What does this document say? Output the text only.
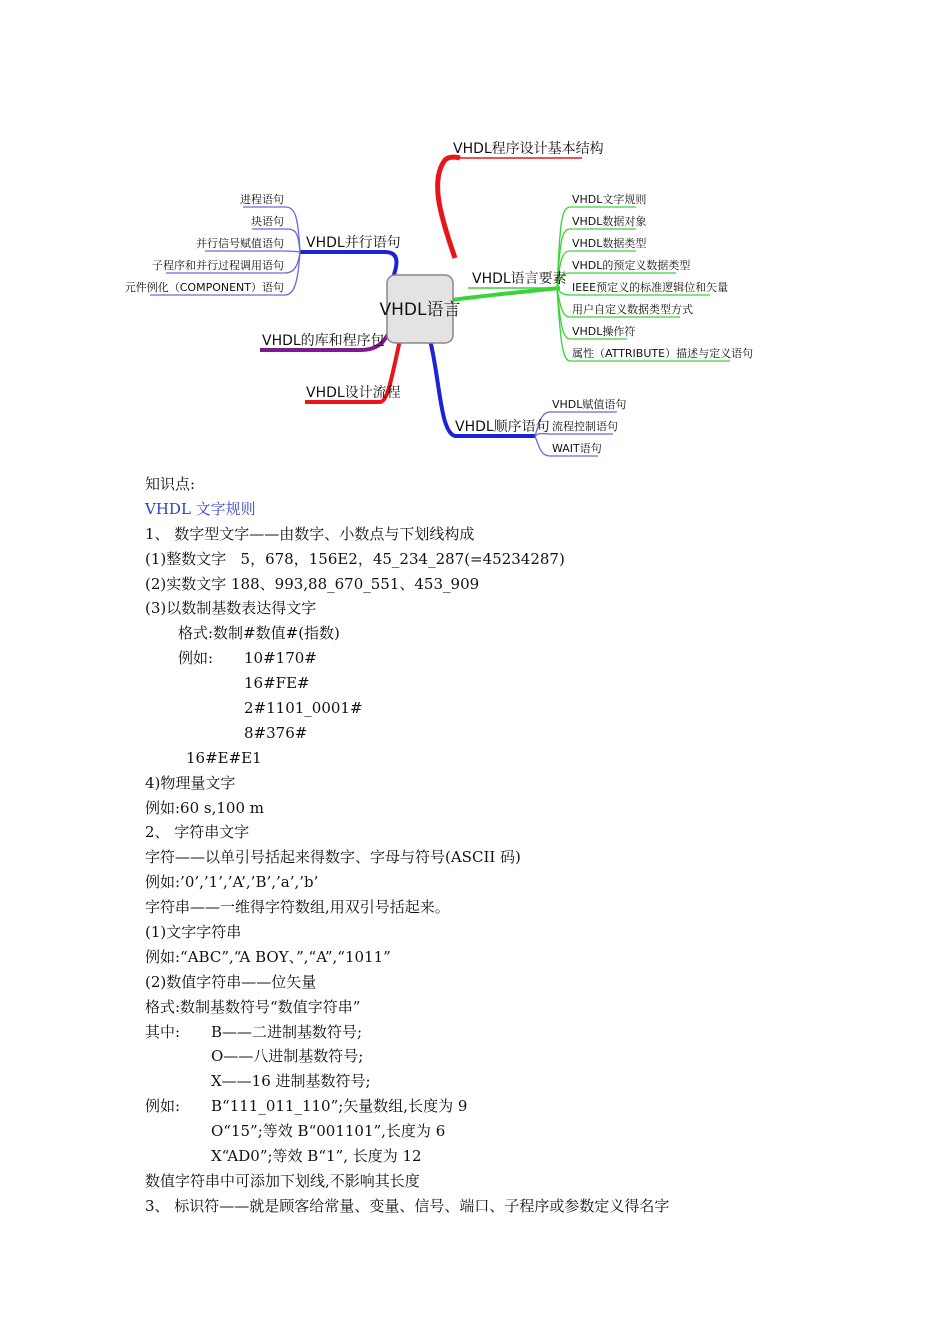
VHDL语言
VHDL程序设计基本结构
VHDL语言要素
VHDL并行语句
VHDL的库和程序包
VHDL设计流程
VHDL顺序语句
VHDL文字规则
VHDL数据对象
VHDL数据类型
VHDL的预定义数据类型
IEEE预定义的标准逻辑位和矢量
用户自定义数据类型方式
VHDL操作符
属性（ATTRIBUTE）描述与定义语句
进程语句
块语句
并行信号赋值语句
子程序和并行过程调用语句
元件例化（COMPONENT）语句
VHDL赋值语句
流程控制语句
WAIT语句
知识点:
VHDL 文字规则
1、 数字型文字——由数字、小数点与下划线构成
(1)整数文字   5，678，156E2，45_234_287(=45234287)
(2)实数文字 188、993,88_670_551、453_909
(3)以数制基数表达得文字
格式:数制#数值#(指数)
例如: 10#170#
16#FE#
2#1101_0001#
8#376#
16#E#E1
4)物理量文字
例如:60 s,100 m
2、 字符串文字
字符——以单引号括起来得数字、字母与符号(ASCII 码)
例如:’0’,’1’,’A’,’B’,’a’,’b’
字符串——一维得字符数组,用双引号括起来。
(1)文字字符串
例如:“ABC”,“A BOY、”,“A”,“1011”
(2)数值字符串——位矢量
格式:数制基数符号“数值字符串”
其中: B——二进制基数符号;
O——八进制基数符号;
X——16 进制基数符号;
例如: B“111_011_110”;矢量数组,长度为 9
O“15”;等效 B“001101”,长度为 6
X“AD0”;等效 B“1”, 长度为 12
数值字符串中可添加下划线,不影响其长度
3、 标识符——就是顾客给常量、变量、信号、端口、子程序或参数定义得名字
